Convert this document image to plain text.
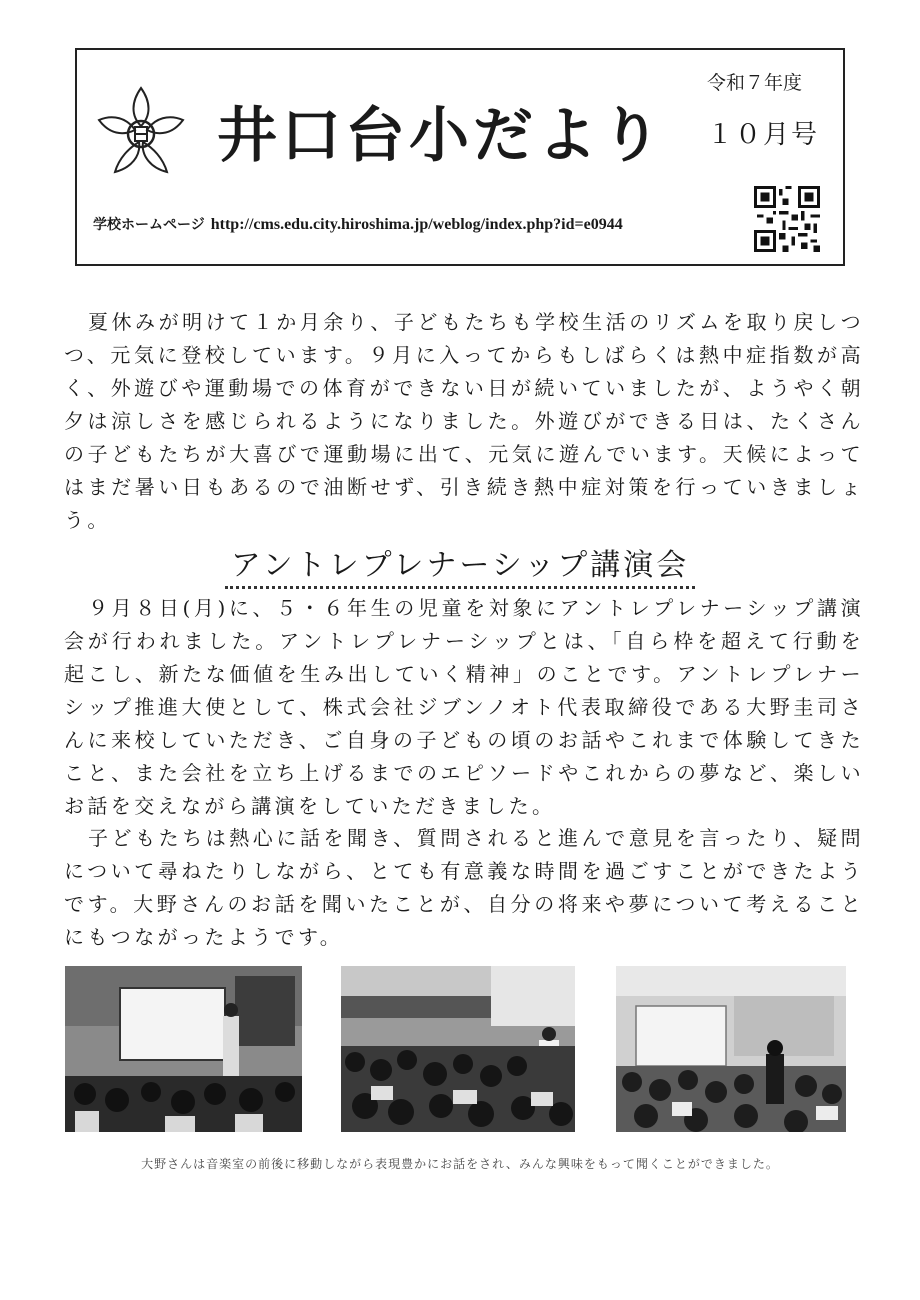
令和７年度
井口台小だより １０月号
学校ホームページ http://cms.edu.city.hiroshima.jp/weblog/index.php?id=e0944

夏休みが明けて１か月余り、子どもたちも学校生活のリズムを取り戻しつつ、元気に登校しています。９月に入ってからもしばらくは熱中症指数が高く、外遊びや運動場での体育ができない日が続いていましたが、ようやく朝夕は涼しさを感じられるようになりました。外遊びができる日は、たくさんの子どもたちが大喜びで運動場に出て、元気に遊んでいます。天候によってはまだ暑い日もあるので油断せず、引き続き熱中症対策を行っていきましょう。

アントレプレナーシップ講演会

９月８日(月)に、５・６年生の児童を対象にアントレプレナーシップ講演会が行われました。アントレプレナーシップとは、「自ら枠を超えて行動を起こし、新たな価値を生み出していく精神」のことです。アントレプレナーシップ推進大使として、株式会社ジブンノオト代表取締役である大野圭司さんに来校していただき、ご自身の子どもの頃のお話やこれまで体験してきたこと、また会社を立ち上げるまでのエピソードやこれからの夢など、楽しいお話を交えながら講演をしていただきました。

子どもたちは熱心に話を聞き、質問されると進んで意見を言ったり、疑問について尋ねたりしながら、とても有意義な時間を過ごすことができたようです。大野さんのお話を聞いたことが、自分の将来や夢について考えることにもつながったようです。

大野さんは音楽室の前後に移動しながら表現豊かにお話をされ、みんな興味をもって聞くことができました。
